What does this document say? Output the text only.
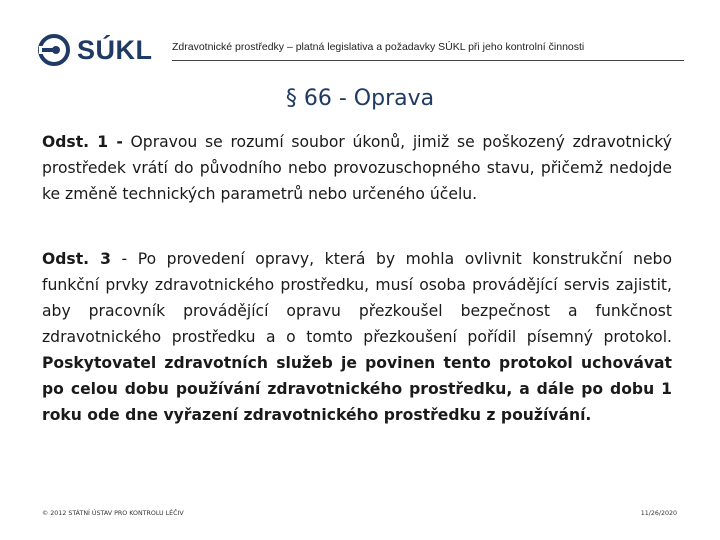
SÚKL Zdravotnické prostředky – platná legislativa a požadavky SÚKL při jeho kontrolní činnosti
§ 66 - Oprava
Odst. 1 - Opravou se rozumí soubor úkonů, jimiž se poškozený zdravotnický prostředek vrátí do původního nebo provozuschopného stavu, přičemž nedojde ke změně technických parametrů nebo určeného účelu.
Odst. 3 - Po provedení opravy, která by mohla ovlivnit konstrukční nebo funkční prvky zdravotnického prostředku, musí osoba provádějící servis zajistit, aby pracovník provádějící opravu přezkoušel bezpečnost a funkčnost zdravotnického prostředku a o tomto přezkoušení pořídil písemný protokol. Poskytovatel zdravotních služeb je povinen tento protokol uchovávat po celou dobu používání zdravotnického prostředku, a dále po dobu 1 roku ode dne vyřazení zdravotnického prostředku z používání.
© 2012 STÁTNÍ ÚSTAV PRO KONTROLU LÉČIV	11/26/2020
